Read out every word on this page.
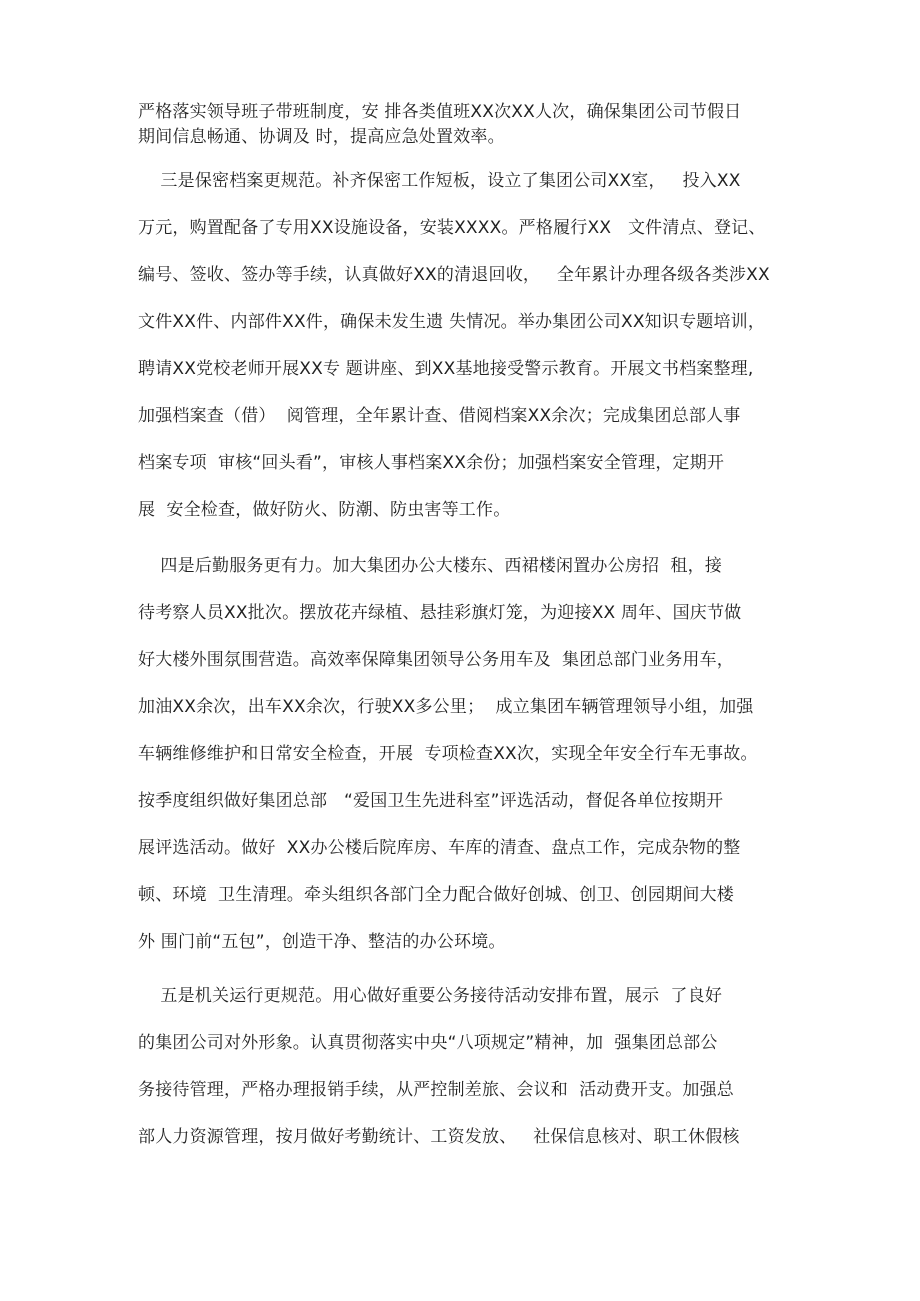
严格落实领导班子带班制度，安 排各类值班XX次XX人次，确保集团公司节假日
期间信息畅通、协调及 时，提高应急处置效率。
三是保密档案更规范。补齐保密工作短板，设立了集团公司XX室，   投入XX
万元，购置配备了专用XX设施设备，安装XXXX。严格履行XX   文件清点、登记、
编号、签收、签办等手续，认真做好XX的清退回收，   全年累计办理各级各类涉XX
文件XX件、内部件XX件，确保未发生遗 失情况。举办集团公司XX知识专题培训，
聘请XX党校老师开展XX专 题讲座、到XX基地接受警示教育。开展文书档案整理,
加强档案查（借）  阅管理，全年累计查、借阅档案XX余次；完成集团总部人事
档案专项  审核“回头看”，审核人事档案XX余份；加强档案安全管理，定期开
展  安全检查，做好防火、防潮、防虫害等工作。
四是后勤服务更有力。加大集团办公大楼东、西裙楼闲置办公房招  租，接
待考察人员XX批次。摆放花卉绿植、悬挂彩旗灯笼，为迎接XX 周年、国庆节做
好大楼外围氛围营造。高效率保障集团领导公务用车及  集团总部门业务用车，
加油XX余次，出车XX余次，行驶XX多公里；  成立集团车辆管理领导小组，加强
车辆维修维护和日常安全检查，开展  专项检查XX次，实现全年安全行车无事故。
按季度组织做好集团总部   “爱国卫生先进科室”评选活动，督促各单位按期开
展评选活动。做好  XX办公楼后院库房、车库的清查、盘点工作，完成杂物的整
顿、环境  卫生清理。牵头组织各部门全力配合做好创城、创卫、创园期间大楼
外 围门前“五包”，创造干净、整洁的办公环境。
五是机关运行更规范。用心做好重要公务接待活动安排布置，展示  了良好
的集团公司对外形象。认真贯彻落实中央“八项规定”精神，加  强集团总部公
务接待管理，严格办理报销手续，从严控制差旅、会议和  活动费开支。加强总
部人力资源管理，按月做好考勤统计、工资发放、   社保信息核对、职工休假核
